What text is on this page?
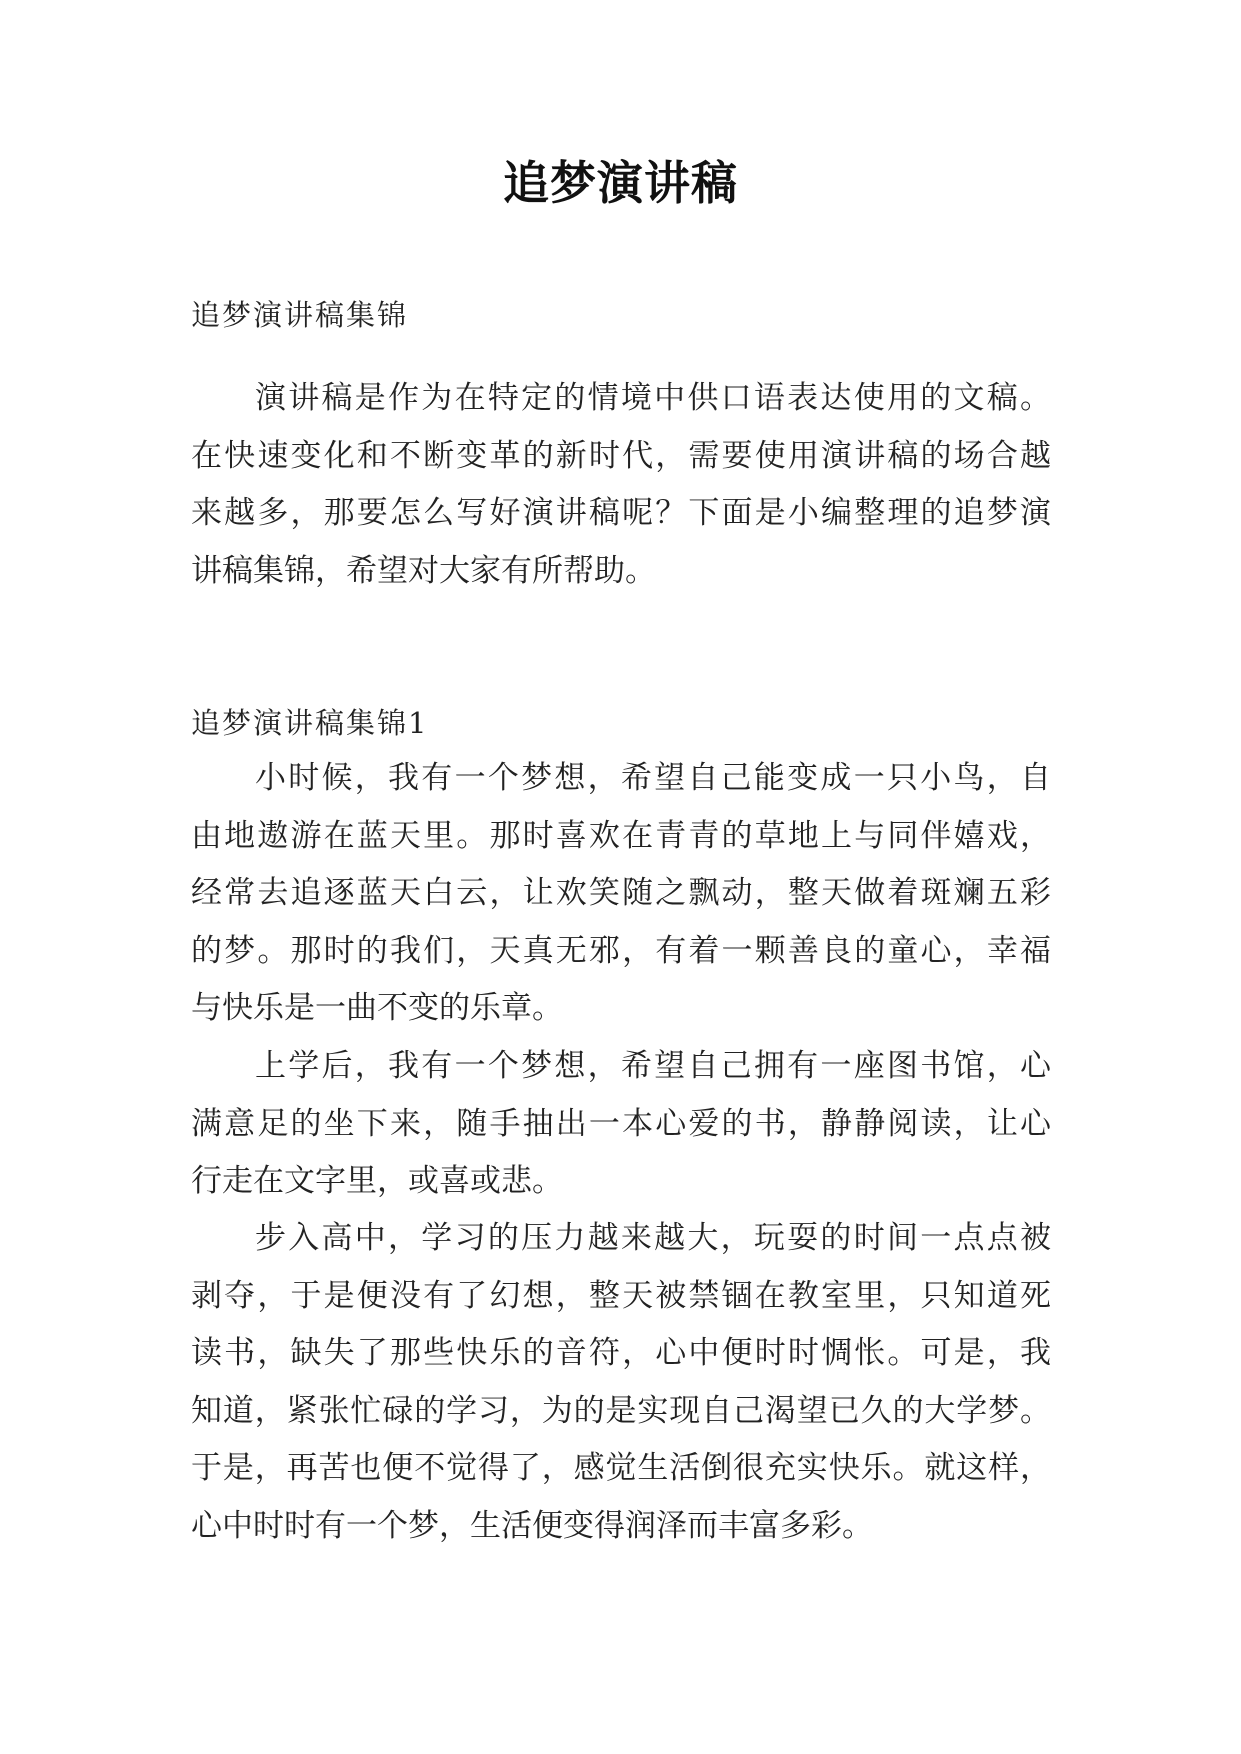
追梦演讲稿

追梦演讲稿集锦

演讲稿是作为在特定的情境中供口语表达使用的文稿。
在快速变化和不断变革的新时代，需要使用演讲稿的场合越
来越多，那要怎么写好演讲稿呢？下面是小编整理的追梦演
讲稿集锦，希望对大家有所帮助。

追梦演讲稿集锦1

小时候，我有一个梦想，希望自己能变成一只小鸟，自
由地遨游在蓝天里。那时喜欢在青青的草地上与同伴嬉戏，
经常去追逐蓝天白云，让欢笑随之飘动，整天做着斑斓五彩
的梦。那时的我们，天真无邪，有着一颗善良的童心，幸福
与快乐是一曲不变的乐章。

上学后，我有一个梦想，希望自己拥有一座图书馆，心
满意足的坐下来，随手抽出一本心爱的书，静静阅读，让心
行走在文字里，或喜或悲。

步入高中，学习的压力越来越大，玩耍的时间一点点被
剥夺，于是便没有了幻想，整天被禁锢在教室里，只知道死
读书，缺失了那些快乐的音符，心中便时时惆怅。可是，我
知道，紧张忙碌的学习，为的是实现自己渴望已久的大学梦。
于是，再苦也便不觉得了，感觉生活倒很充实快乐。就这样，
心中时时有一个梦，生活便变得润泽而丰富多彩。
